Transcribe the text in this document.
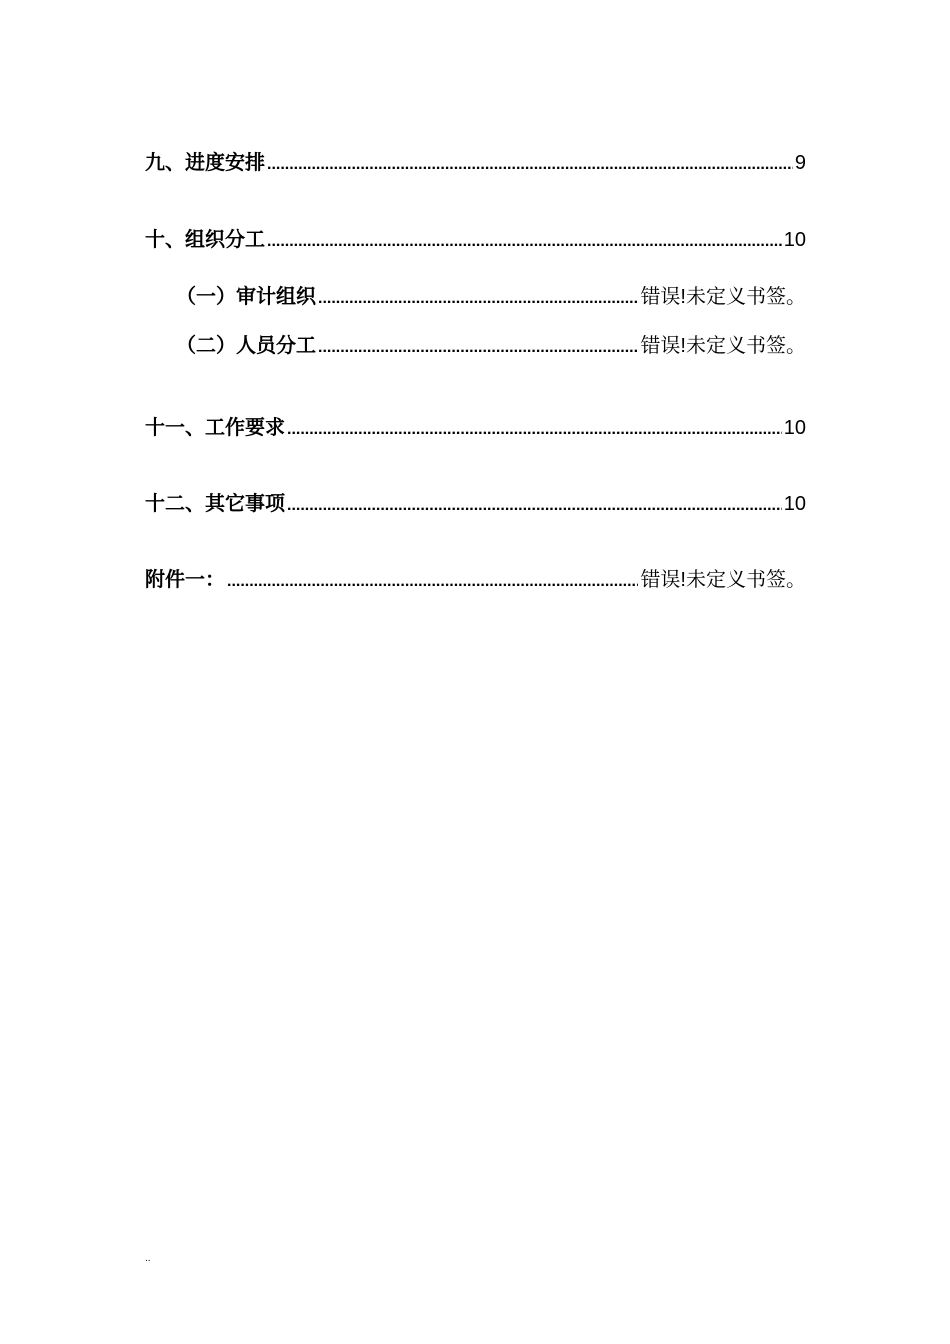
九、进度安排 .....	9
十、组织分工 .....	10
（一）审计组织 .....	错误!未定义书签。
（二）人员分工 .....	错误!未定义书签。
十一、工作要求 .....	10
十二、其它事项 .....	10
附件一： .....	错误!未定义书签。
..
